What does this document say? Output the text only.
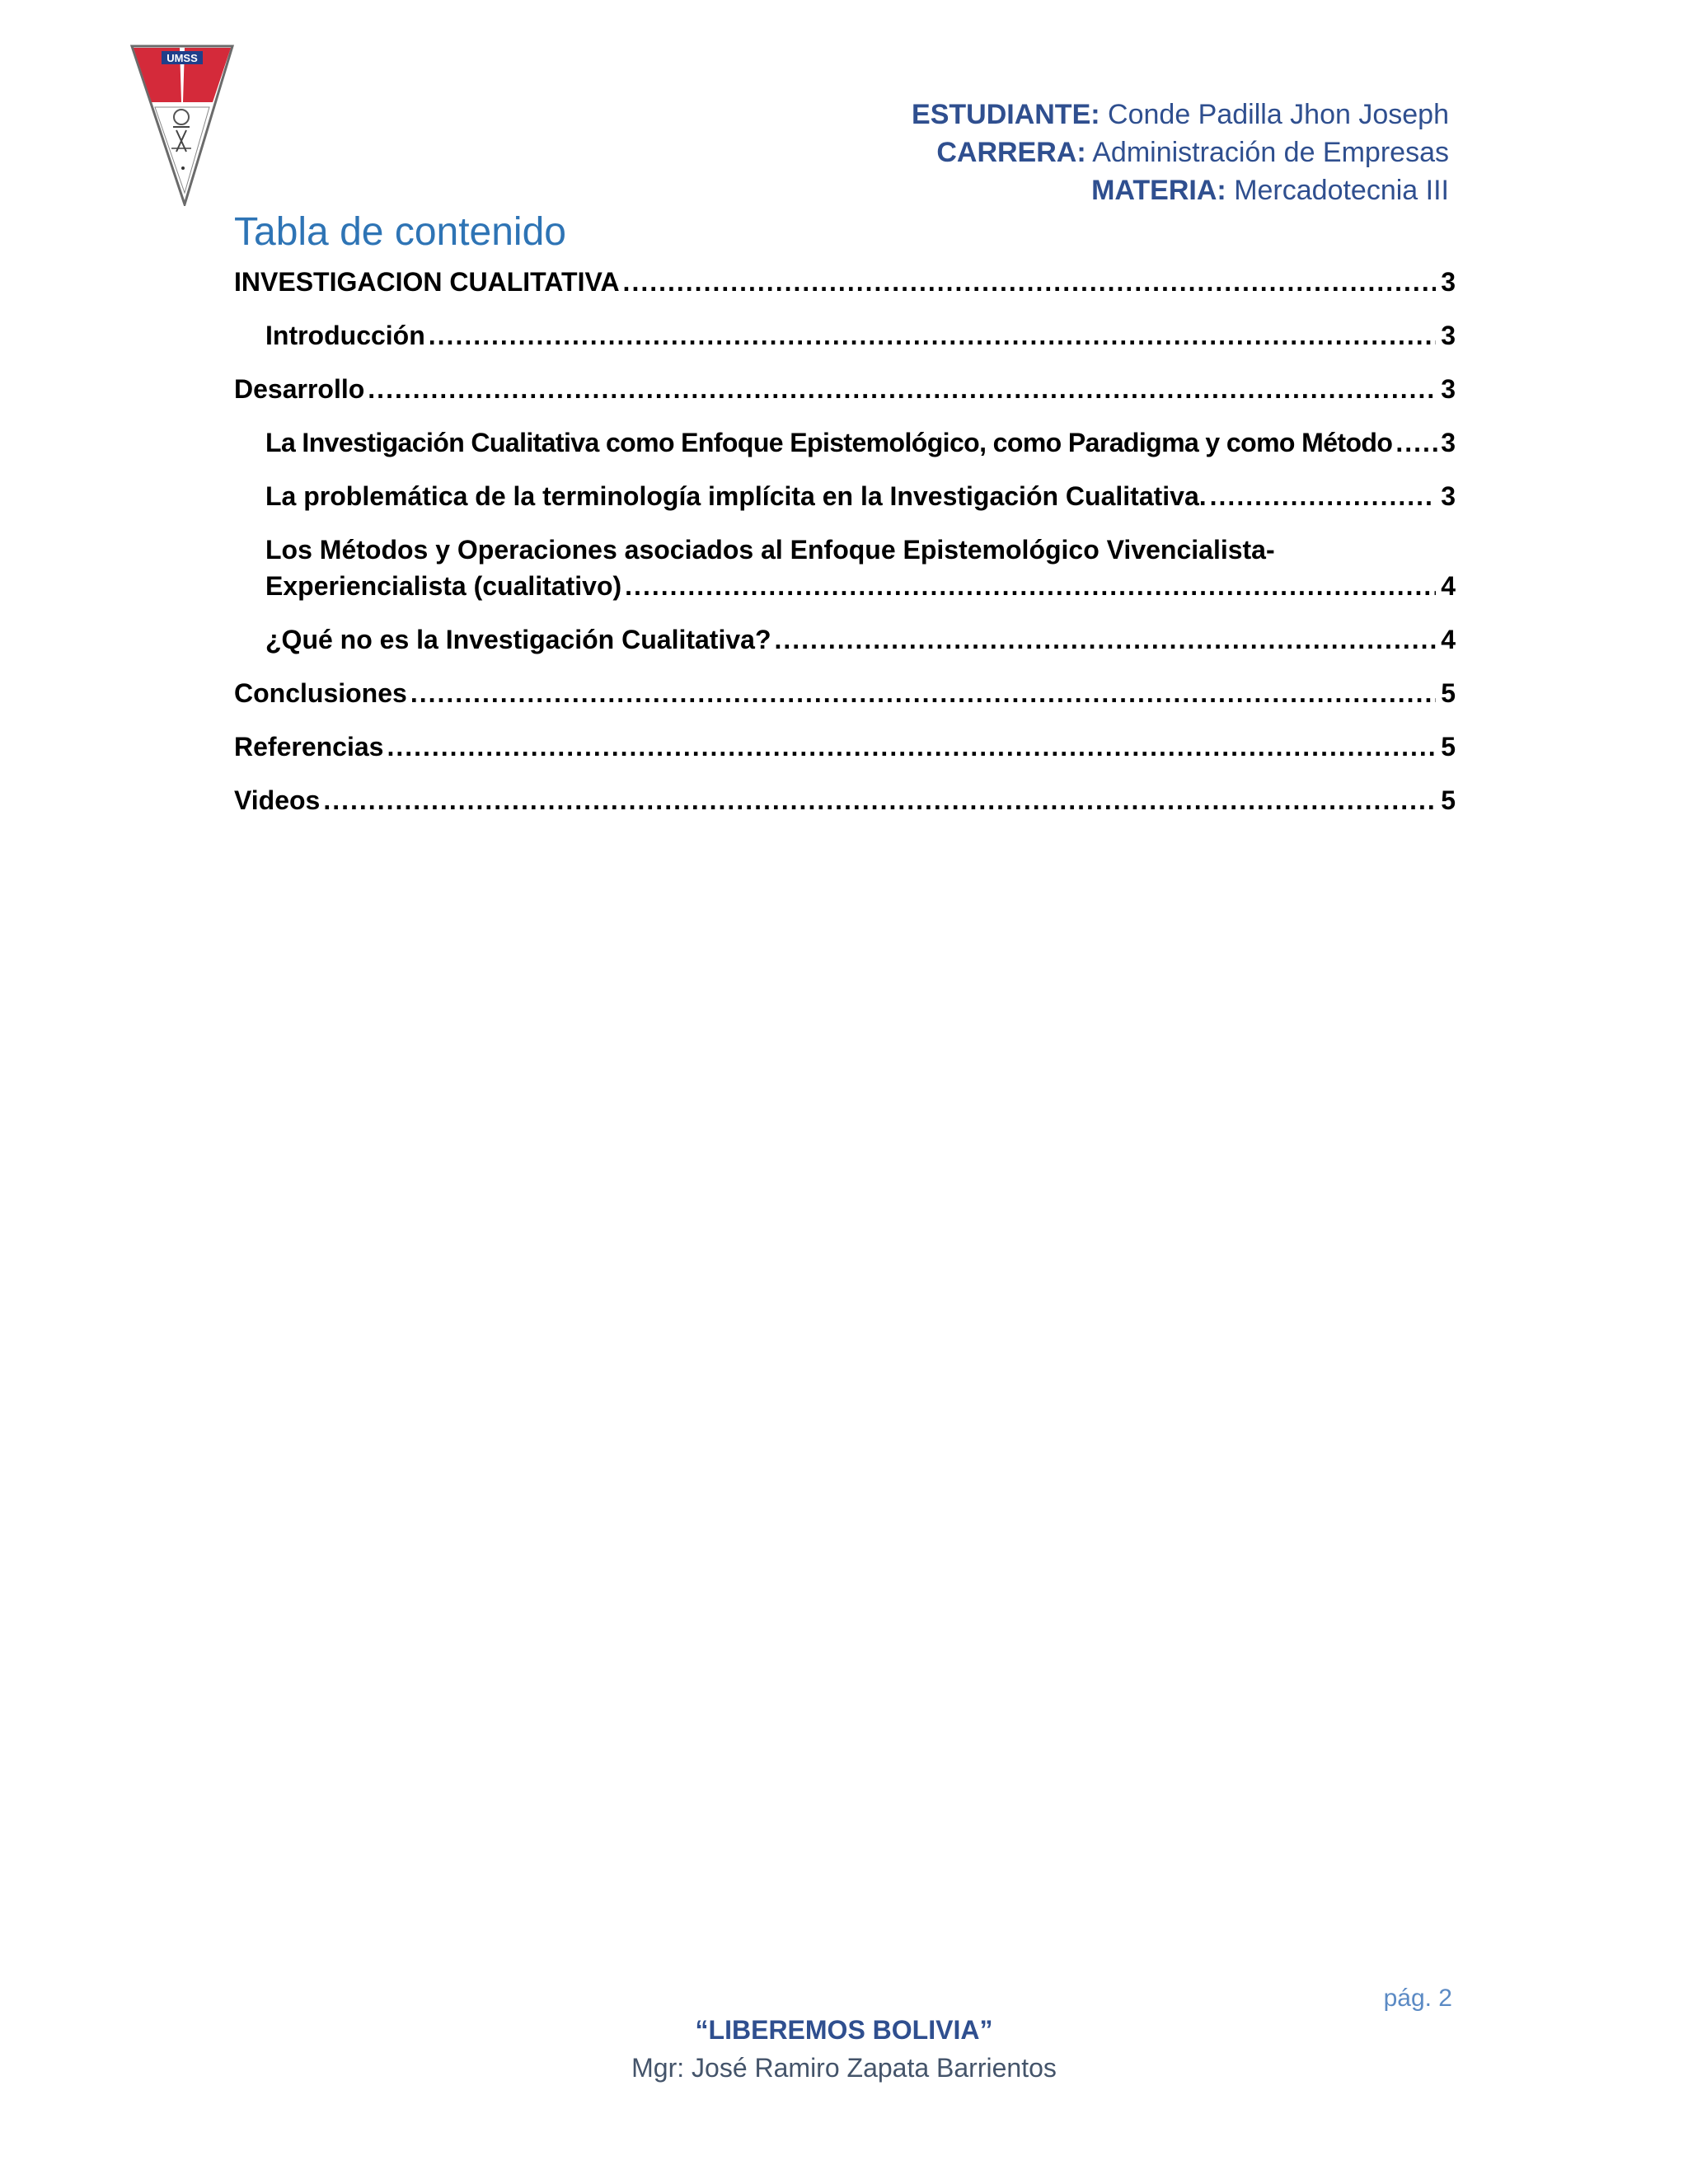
UMSS
ESTUDIANTE: Conde Padilla Jhon Joseph
CARRERA: Administración de Empresas
MATERIA: Mercadotecnia III
Tabla de contenido
INVESTIGACION CUALITATIVA .....	3
Introducción .....	3
Desarrollo .....	3
La Investigación Cualitativa como Enfoque Epistemológico, como Paradigma y como Método ..... 3
La problemática de la terminología implícita en la Investigación Cualitativa. .....	3
Los Métodos y Operaciones asociados al Enfoque Epistemológico Vivencialista-
Experiencialista (cualitativo) .....	4
¿Qué no es la Investigación Cualitativa? .....	4
Conclusiones .....	5
Referencias .....	5
Videos .....	5
pág. 2
“LIBEREMOS BOLIVIA”
Mgr: José Ramiro Zapata Barrientos
